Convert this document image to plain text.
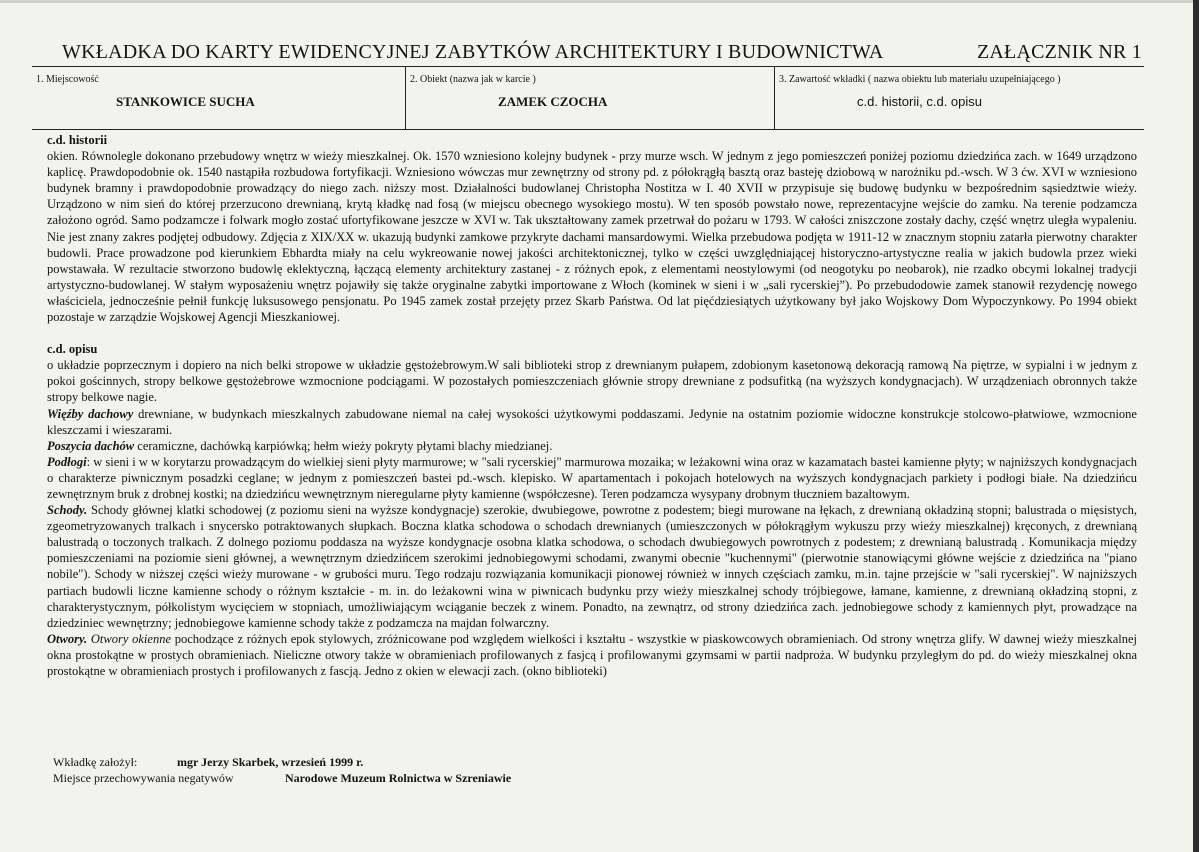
WKŁADKA DO KARTY EWIDENCYJNEJ ZABYTKÓW ARCHITEKTURY I BUDOWNICTWA	ZAŁĄCZNIK NR 1
1. Miejscowość
STANKOWICE SUCHA
2. Obiekt (nazwa jak w karcie )
ZAMEK CZOCHA
3. Zawartość wkładki ( nazwa obiektu lub materiału uzupełniającego )
c.d. historii, c.d. opisu
c.d. historii

okien. Równolegle dokonano przebudowy wnętrz w wieży mieszkalnej. Ok. 1570 wzniesiono kolejny budynek - przy murze wsch. W jednym z jego pomieszczeń poniżej poziomu dziedzińca zach. w 1649 urządzono kaplicę. Prawdopodobnie ok. 1540 nastąpiła rozbudowa fortyfikacji. Wzniesiono wówczas mur zewnętrzny od strony pd. z półokrągłą basztą oraz basteję dziobową w narożniku pd.-wsch. W 3 ćw. XVI w wzniesiono budynek bramny i prawdopodobnie prowadzący do niego zach. niższy most. Działalności budowlanej Christopha Nostitza w I. 40 XVII w przypisuje się budowę budynku w bezpośrednim sąsiedztwie wieży. Urządzono w nim sień do której przerzucono drewnianą, krytą kładkę nad fosą (w miejscu obecnego wysokiego mostu). W ten sposób powstało nowe, reprezentacyjne wejście do zamku. Na terenie podzamcza założono ogród. Samo podzamcze i folwark mogło zostać ufortyfikowane jeszcze w XVI w. Tak ukształtowany zamek przetrwał do pożaru w 1793. W całości zniszczone zostały dachy, część wnętrz uległa wypaleniu. Nie jest znany zakres podjętej odbudowy. Zdjęcia z XIX/XX w. ukazują budynki zamkowe przykryte dachami mansardowymi. Wielka przebudowa podjęta w 1911-12 w znacznym stopniu zatarła pierwotny charakter budowli. Prace prowadzone pod kierunkiem Ebhardta miały na celu wykreowanie nowej jakości architektonicznej, tylko w części uwzględniającej historyczno-artystyczne realia w jakich budowla przez wieki powstawała. W rezultacie stworzono budowlę eklektyczną, łączącą elementy architektury zastanej - z różnych epok, z elementami neostylowymi (od neogotyku po neobarok), nie rzadko obcymi lokalnej tradycji artystyczno-budowlanej. W stałym wyposażeniu wnętrz pojawiły się także oryginalne zabytki importowane z Włoch (kominek w sieni i w „sali rycerskiej”). Po przebudodowie zamek stanowił rezydencję nowego właściciela, jednocześnie pełnił funkcję luksusowego pensjonatu. Po 1945 zamek został przejęty przez Skarb Państwa. Od lat pięćdziesiątych użytkowany był jako Wojskowy Dom Wypoczynkowy. Po 1994 obiekt pozostaje w zarządzie Wojskowej Agencji Mieszkaniowej.

c.d. opisu

o układzie poprzecznym i dopiero na nich belki stropowe w układzie gęstożebrowym.W sali biblioteki strop z drewnianym pułapem, zdobionym kasetonową dekoracją ramową Na piętrze, w sypialni i w jednym z pokoi gościnnych, stropy belkowe gęstożebrowe wzmocnione podciągami. W pozostałych pomieszczeniach głównie stropy drewniane z podsufitką (na wyższych kondygnacjach). W urządzeniach obronnych także stropy belkowe nagie.

Więźby dachowy drewniane, w budynkach mieszkalnych zabudowane niemal na całej wysokości użytkowymi poddaszami. Jedynie na ostatnim poziomie widoczne konstrukcje stolcowo-płatwiowe, wzmocnione kleszczami i wieszarami.

Poszycia dachów ceramiczne, dachówką karpiówką; hełm wieży pokryty płytami blachy miedzianej.

Podłogi: w sieni i w w korytarzu prowadzącym do wielkiej sieni płyty marmurowe; w "sali rycerskiej" marmurowa mozaika; w leżakowni wina oraz w kazamatach bastei kamienne płyty; w najniższych kondygnacjach o charakterze piwnicznym posadzki ceglane; w jednym z pomieszczeń bastei pd.-wsch. klepisko. W apartamentach i pokojach hotelowych na wyższych kondygnacjach parkiety i podłogi białe. Na dziedzińcu zewnętrznym bruk z drobnej kostki; na dziedzińcu wewnętrznym nieregularne płyty kamienne (współczesne). Teren podzamcza wysypany drobnym tłuczniem bazaltowym.

Schody. Schody głównej klatki schodowej (z poziomu sieni na wyższe kondygnacje) szerokie, dwubiegowe, powrotne z podestem; biegi murowane na łękach, z drewnianą okładziną stopni; balustrada o mięsistych, zgeometryzowanych tralkach i snycersko potraktowanych słupkach. Boczna klatka schodowa o schodach drewnianych (umieszczonych w półokrągłym wykuszu przy wieży mieszkalnej) kręconych, z drewnianą balustradą o toczonych tralkach. Z dolnego poziomu poddasza na wyższe kondygnacje osobna klatka schodowa, o schodach dwubiegowych powrotnych z podestem; z drewnianą balustradą . Komunikacja między pomieszczeniami na poziomie sieni głównej, a wewnętrznym dziedzińcem szerokimi jednobiegowymi schodami, zwanymi obecnie "kuchennymi" (pierwotnie stanowiącymi główne wejście z dziedzińca na "piano nobile"). Schody w niższej części wieży murowane - w grubości muru. Tego rodzaju rozwiązania komunikacji pionowej również w innych częściach zamku, m.in. tajne przejście w "sali rycerskiej". W najniższych partiach budowli liczne kamienne schody o różnym kształcie - m. in. do leżakowni wina w piwnicach budynku przy wieży mieszkalnej schody trójbiegowe, łamane, kamienne, z drewnianą okładziną stopni, z charakterystycznym, półkolistym wycięciem w stopniach, umożliwiającym wciąganie beczek z winem. Ponadto, na zewnątrz, od strony dziedzińca zach. jednobiegowe schody z kamiennych płyt, prowadzące na dziedziniec wewnętrzny; jednobiegowe kamienne schody także z podzamcza na majdan folwarczny.

Otwory. Otwory okienne pochodzące z różnych epok stylowych, zróżnicowane pod względem wielkości i kształtu - wszystkie w piaskowcowych obramieniach. Od strony wnętrza glify. W dawnej wieży mieszkalnej okna prostokątne w prostych obramieniach. Nieliczne otwory także w obramieniach profilowanych z fasjcą i profilowanymi gzymsami w partii nadproża. W budynku przyległym do pd. do wieży mieszkalnej okna prostokątne w obramieniach prostych i profilowanych z fascją. Jedno z okien w elewacji zach. (okno biblioteki)

Wkładkę założył:	mgr Jerzy Skarbek, wrzesień 1999 r.
Miejsce przechowywania negatywów	Narodowe Muzeum Rolnictwa w Szreniawie
